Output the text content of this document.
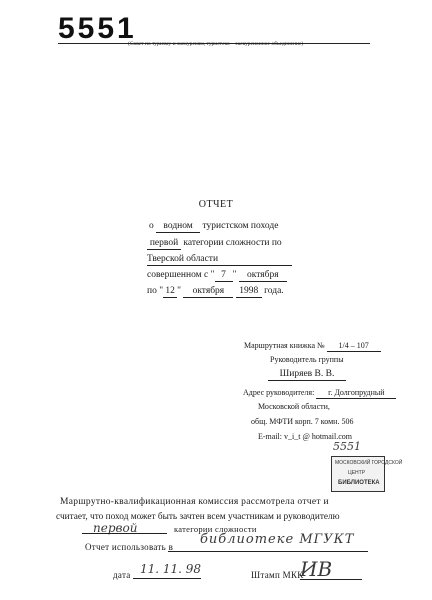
5551
(Совет по туризму и экскурсиям, туристско – экскурсионное объединение)
ОТЧЕТ
о водном туристском походе
первой категории сложности по
Тверской области
совершенном с " 7 " октября
по " 12 " октября 1998 года.
Маршрутная книжка № 1/4 – 107
Руководитель группы
Ширяев В. В.
Адрес руководителя: г. Долгопрудный
Московской области,
общ. МФТИ корп. 7 комн. 506
E-mail: v_i_t @ hotmail.com
5551
МОСКОВСКИЙ ГОРОДСКОЙ
ЦЕНТР
БИБЛИОТЕКА
Маршрутно-квалификационная комиссия рассмотрела отчет и
считает, что поход может быть зачтен всем участникам и руководителю
первой	категории сложности
Отчет использовать в библиотеке МГУКТ
дата 11. 11. 98	Штамп МКК
ИВ
